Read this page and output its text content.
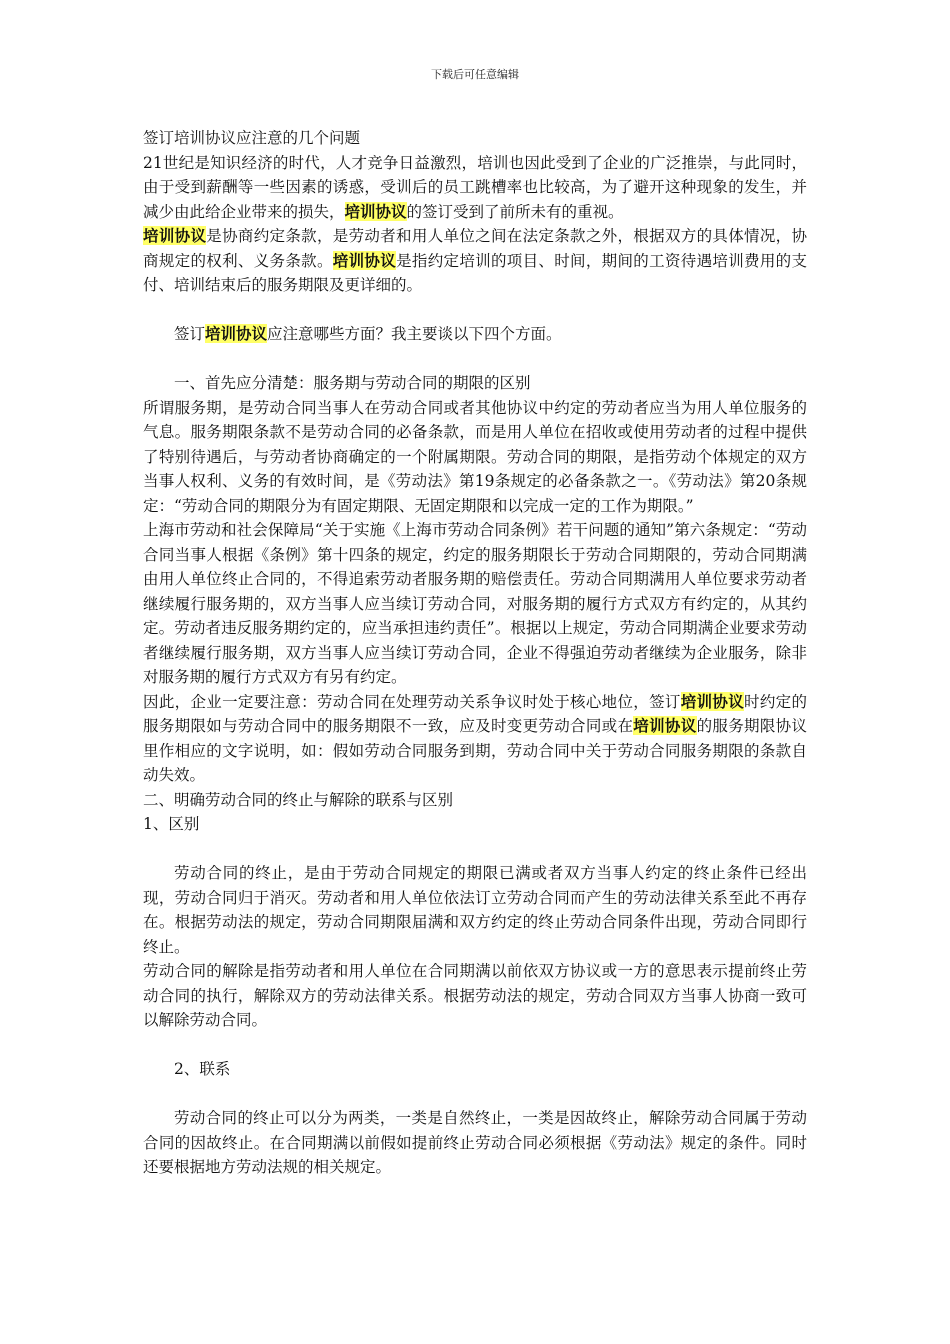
下载后可任意编辑

签订培训协议应注意的几个问题

21世纪是知识经济的时代，人才竞争日益激烈，培训也因此受到了企业的广泛推崇，与此同时，由于受到薪酬等一些因素的诱惑，受训后的员工跳槽率也比较高，为了避开这种现象的发生，并减少由此给企业带来的损失，培训协议的签订受到了前所未有的重视。

培训协议是协商约定条款，是劳动者和用人单位之间在法定条款之外，根据双方的具体情况，协商规定的权利、义务条款。培训协议是指约定培训的项目、时间，期间的工资待遇培训费用的支付、培训结束后的服务期限及更详细的。

签订培训协议应注意哪些方面？我主要谈以下四个方面。

一、首先应分清楚：服务期与劳动合同的期限的区别

所谓服务期，是劳动合同当事人在劳动合同或者其他协议中约定的劳动者应当为用人单位服务的气息。服务期限条款不是劳动合同的必备条款，而是用人单位在招收或使用劳动者的过程中提供了特别待遇后，与劳动者协商确定的一个附属期限。劳动合同的期限，是指劳动个体规定的双方当事人权利、义务的有效时间，是《劳动法》第19条规定的必备条款之一。《劳动法》第20条规定：“劳动合同的期限分为有固定期限、无固定期限和以完成一定的工作为期限。”

上海市劳动和社会保障局“关于实施《上海市劳动合同条例》若干问题的通知”第六条规定：“劳动合同当事人根据《条例》第十四条的规定，约定的服务期限长于劳动合同期限的，劳动合同期满由用人单位终止合同的，不得追索劳动者服务期的赔偿责任。劳动合同期满用人单位要求劳动者继续履行服务期的，双方当事人应当续订劳动合同，对服务期的履行方式双方有约定的，从其约定。劳动者违反服务期约定的，应当承担违约责任”。根据以上规定，劳动合同期满企业要求劳动者继续履行服务期，双方当事人应当续订劳动合同，企业不得强迫劳动者继续为企业服务，除非对服务期的履行方式双方有另有约定。

因此，企业一定要注意：劳动合同在处理劳动关系争议时处于核心地位，签订培训协议时约定的服务期限如与劳动合同中的服务期限不一致，应及时变更劳动合同或在培训协议的服务期限协议里作相应的文字说明，如：假如劳动合同服务到期，劳动合同中关于劳动合同服务期限的条款自动失效。

二、明确劳动合同的终止与解除的联系与区别

1、区别

劳动合同的终止，是由于劳动合同规定的期限已满或者双方当事人约定的终止条件已经出现，劳动合同归于消灭。劳动者和用人单位依法订立劳动合同而产生的劳动法律关系至此不再存在。根据劳动法的规定，劳动合同期限届满和双方约定的终止劳动合同条件出现，劳动合同即行终止。

劳动合同的解除是指劳动者和用人单位在合同期满以前依双方协议或一方的意思表示提前终止劳动合同的执行，解除双方的劳动法律关系。根据劳动法的规定，劳动合同双方当事人协商一致可以解除劳动合同。

2、联系

劳动合同的终止可以分为两类，一类是自然终止，一类是因故终止，解除劳动合同属于劳动合同的因故终止。在合同期满以前假如提前终止劳动合同必须根据《劳动法》规定的条件。同时还要根据地方劳动法规的相关规定。
